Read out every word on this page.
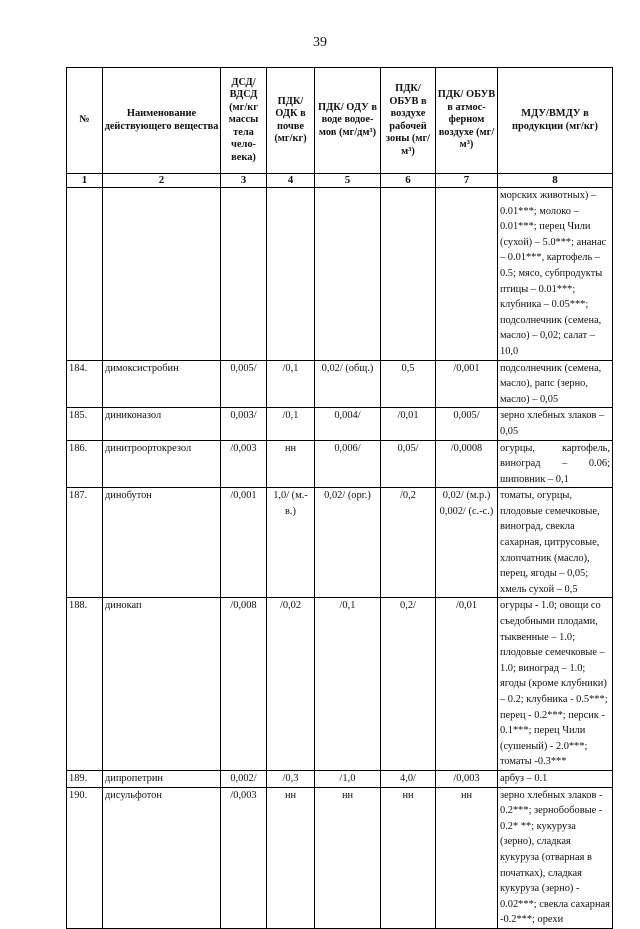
39
№	Наименование действующего вещества	ДСД/ ВДСД (мг/кг массы тела чело-века)	ПДК/ ОДК в почве (мг/кг)	ПДК/ ОДУ в воде водое-мов (мг/дм³)	ПДК/ ОБУВ в воздухе рабочей зоны (мг/м³)	ПДК/ ОБУВ в атмос-ферном воздухе (мг/м³)	МДУ/ВМДУ в продукции (мг/кг)
1	2	3	4	5	6	7	8
							морских животных) – 0.01***; молоко – 0.01***; перец Чили (сухой) – 5.0***; ананас – 0.01***, картофель – 0.5; мясо, субпродукты птицы – 0.01***; клубника – 0.05***; подсолнечник (семена, масло) – 0,02; салат – 10,0
184.	димоксистробин	0,005/	/0,1	0,02/ (общ.)	0,5	/0,001	подсолнечник (семена, масло), рапс (зерно, масло) – 0,05
185.	диниконазол	0,003/	/0,1	0,004/	/0,01	0,005/	зерно хлебных злаков – 0,05
186.	динитроортокрезол	/0,003	нн	0,006/	0,05/	/0,0008	огурцы, картофель, виноград – 0.06; шиповник – 0,1
187.	динобутон	/0,001	1,0/ (м.-в.)	0,02/ (орг.)	/0,2	0,02/ (м.р.) 0,002/ (с.-с.)	томаты, огурцы, плодовые семечковые, виноград, свекла сахарная, цитрусовые, хлопчатник (масло), перец, ягоды – 0,05; хмель сухой – 0,5
188.	динокап	/0,008	/0,02	/0,1	0,2/	/0,01	огурцы - 1.0; овощи со съедобными плодами, тыквенные – 1.0; плодовые семечковые – 1.0; виноград – 1.0; ягоды (кроме клубники) – 0.2; клубника - 0.5***; перец - 0.2***; персик - 0.1***; перец Чили (сушеный) - 2.0***; томаты -0.3***
189.	дипропетрин	0,002/	/0,3	/1,0	4,0/	/0,003	арбуз – 0.1
190.	дисульфотон	/0,003	нн	нн	нн	нн	зерно хлебных злаков - 0.2***; зернобобовые - 0.2* **; кукуруза (зерно), сладкая кукуруза (отварная в початках), сладкая кукуруза (зерно) - 0.02***; свекла сахарная -0.2***; орехи
